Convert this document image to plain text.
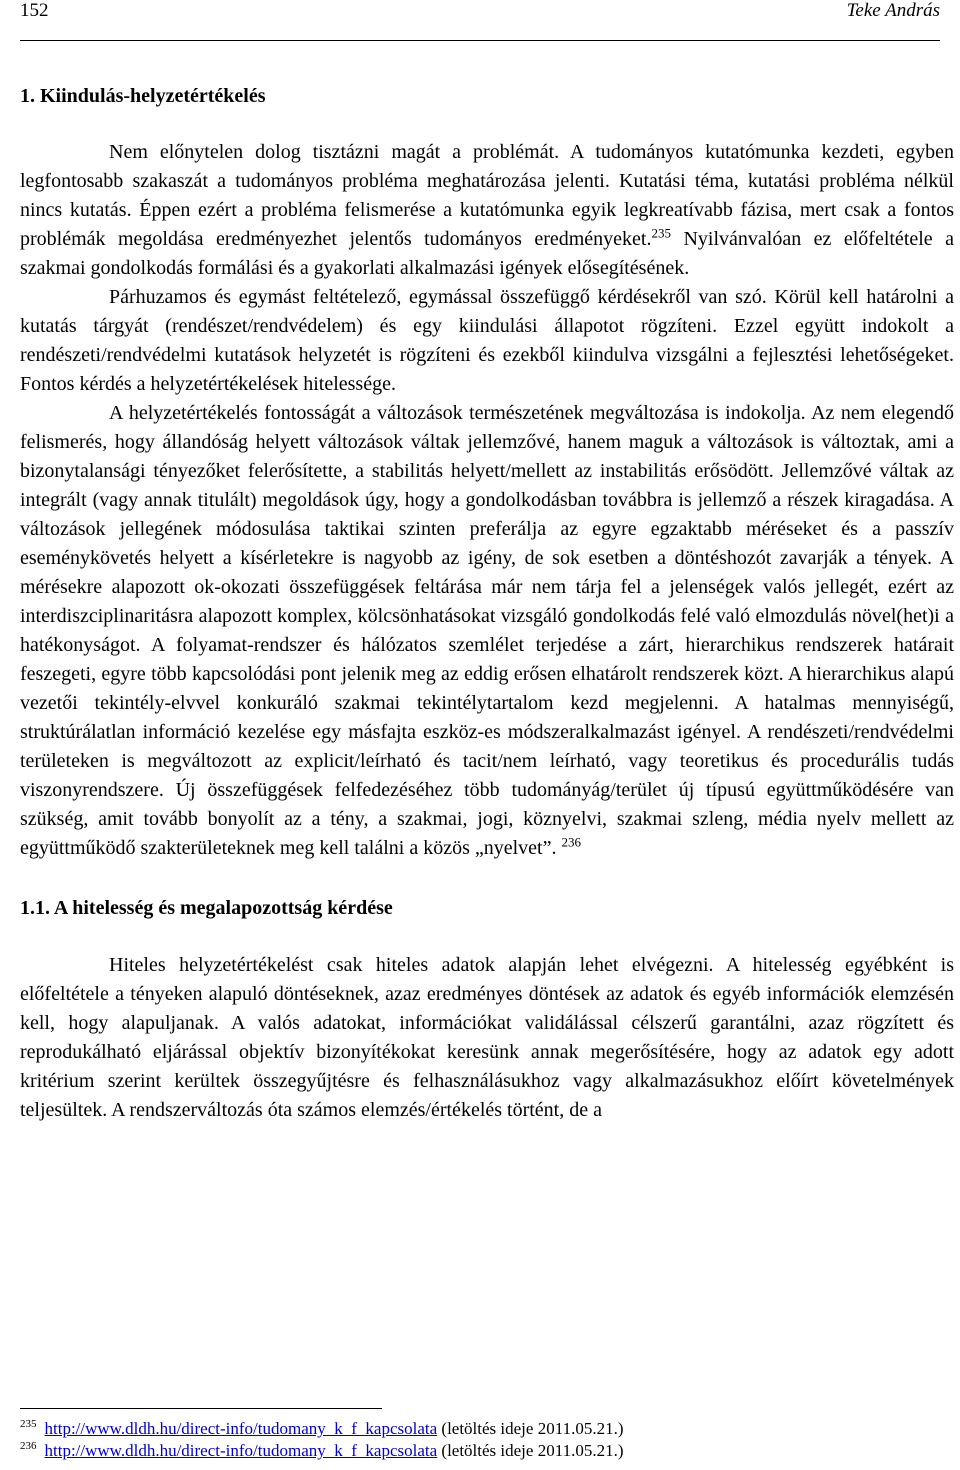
152	Teke András
1. Kiindulás-helyzetértékelés

Nem előnytelen dolog tisztázni magát a problémát. A tudományos kutatómunka kezdeti, egyben legfontosabb szakaszát a tudományos probléma meghatározása jelenti. Kutatási téma, kutatási probléma nélkül nincs kutatás. Éppen ezért a probléma felismerése a kutatómunka egyik legkreatívabb fázisa, mert csak a fontos problémák megoldása eredményezhet jelentős tudományos eredményeket.$^{235}$ Nyilvánvalóan ez előfeltétele a szakmai gondolkodás formálási és a gyakorlati alkalmazási igények elősegítésének.

Párhuzamos és egymást feltételező, egymással összefüggő kérdésekről van szó. Körül kell határolni a kutatás tárgyát (rendészet/rendvédelem) és egy kiindulási állapotot rögzíteni. Ezzel együtt indokolt a rendészeti/rendvédelmi kutatások helyzetét is rögzíteni és ezekből kiindulva vizsgálni a fejlesztési lehetőségeket. Fontos kérdés a helyzetértékelések hitelessége.

A helyzetértékelés fontosságát a változások természetének megváltozása is indokolja. Az nem elegendő felismerés, hogy állandóság helyett változások váltak jellemzővé, hanem maguk a változások is változtak, ami a bizonytalansági tényezőket felerősítette, a stabilitás helyett/mellett az instabilitás erősödött. Jellemzővé váltak az integrált (vagy annak titulált) megoldások úgy, hogy a gondolkodásban továbbra is jellemző a részek kiragadása. A változások jellegének módosulása taktikai szinten preferálja az egyre egzaktabb méréseket és a passzív eseménykövetés helyett a kísérletekre is nagyobb az igény, de sok esetben a döntéshozót zavarják a tények. A mérésekre alapozott ok-okozati összefüggések feltárása már nem tárja fel a jelenségek valós jellegét, ezért az interdiszciplinaritásra alapozott komplex, kölcsönhatásokat vizsgáló gondolkodás felé való elmozdulás növel(het)i a hatékonyságot. A folyamat-rendszer és hálózatos szemlélet terjedése a zárt, hierarchikus rendszerek határait feszegeti, egyre több kapcsolódási pont jelenik meg az eddig erősen elhatárolt rendszerek közt. A hierarchikus alapú vezetői tekintély-elvvel konkuráló szakmai tekintélytartalom kezd megjelenni. A hatalmas mennyiségű, struktúrálatlan információ kezelése egy másfajta eszköz-es módszeralkalmazást igényel. A rendészeti/rendvédelmi területeken is megváltozott az explicit/leírható és tacit/nem leírható, vagy teoretikus és procedurális tudás viszonyrendszere. Új összefüggések felfedezéséhez több tudományág/terület új típusú együttműködésére van szükség, amit tovább bonyolít az a tény, a szakmai, jogi, köznyelvi, szakmai szleng, média nyelv mellett az együttműködő szakterületeknek meg kell találni a közös „nyelvet”. $^{236}$

1.1. A hitelesség és megalapozottság kérdése

Hiteles helyzetértékelést csak hiteles adatok alapján lehet elvégezni. A hitelesség egyébként is előfeltétele a tényeken alapuló döntéseknek, azaz eredményes döntések az adatok és egyéb információk elemzésén kell, hogy alapuljanak. A valós adatokat, információkat validálással célszerű garantálni, azaz rögzített és reprodukálható eljárással objektív bizonyítékokat keresünk annak megerősítésére, hogy az adatok egy adott kritérium szerint kerültek összegyűjtésre és felhasználásukhoz vagy alkalmazásukhoz előírt követelmények teljesültek. A rendszerváltozás óta számos elemzés/értékelés történt, de a

$^{235}$ http://www.dldh.hu/direct-info/tudomany_k_f_kapcsolata (letöltés ideje 2011.05.21.)
$^{236}$ http://www.dldh.hu/direct-info/tudomany_k_f_kapcsolata (letöltés ideje 2011.05.21.)
